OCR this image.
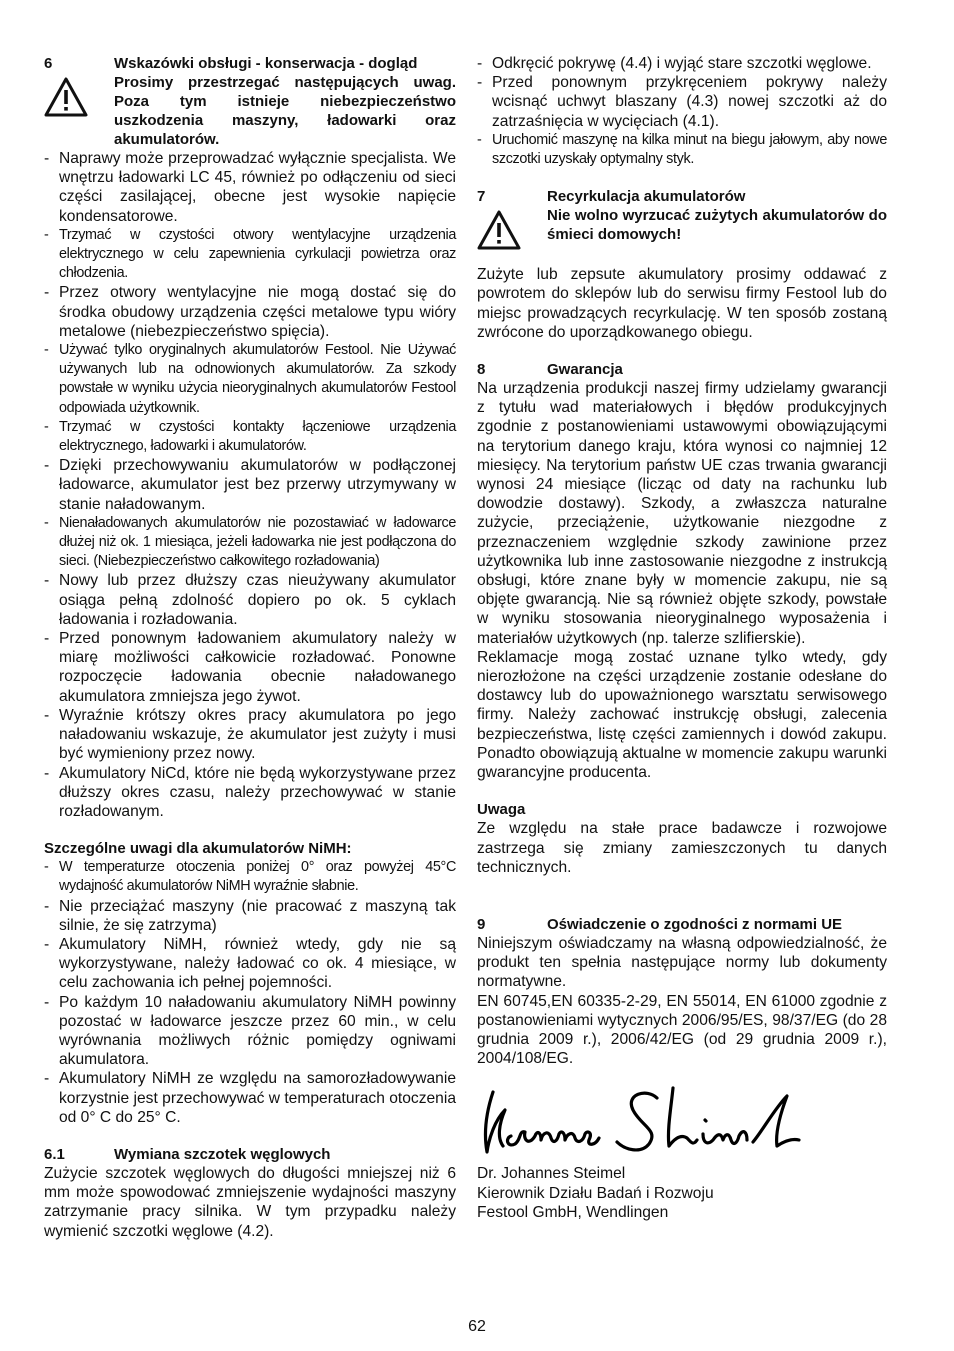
6	Wskazówki obsługi - konserwacja - dogląd
Prosimy przestrzegać następujących uwag. Poza tym istnieje niebezpieczeństwo uszkodzenia maszyny, ładowarki oraz akumulatorów.
- Naprawy może przeprowadzać wyłącznie specjalista. We wnętrzu ładowarki LC 45, również po odłączeniu od sieci części zasilającej, obecne jest wysokie napięcie kondensatorowe.
- Trzymać w czystości otwory wentylacyjne urządzenia elektrycznego w celu zapewnienia cyrkulacji powietrza oraz chłodzenia.
- Przez otwory wentylacyjne nie mogą dostać się do środka obudowy urządzenia części metalowe typu wióry metalowe (niebezpieczeństwo spięcia).
- Używać tylko oryginalnych akumulatorów Festool. Nie Używać używanych lub na odnowionych akumulatorów. Za szkody powstałe w wyniku użycia nieoryginalnych akumulatorów Festool odpowiada użytkownik.
- Trzymać w czystości kontakty łączeniowe urządzenia elektrycznego, ładowarki i akumulatorów.
- Dzięki przechowywaniu akumulatorów w podłączonej ładowarce, akumulator jest bez przerwy utrzymywany w stanie naładowanym.
- Nienaładowanych akumulatorów nie pozostawiać w ładowarce dłużej niż ok. 1 miesiąca, jeżeli ładowarka nie jest podłączona do sieci. (Niebezpieczeństwo całkowitego rozładowania)
- Nowy lub przez dłuższy czas nieużywany akumulator osiąga pełną zdolność dopiero po ok. 5 cyklach ładowania i rozładowania.
- Przed ponownym ładowaniem akumulatory należy w miarę możliwości całkowicie rozładować. Ponowne rozpoczęcie ładowania obecnie naładowanego akumulatora zmniejsza jego żywot.
- Wyraźnie krótszy okres pracy akumulatora po jego naładowaniu wskazuje, że akumulator jest zużyty i musi być wymieniony przez nowy.
- Akumulatory NiCd, które nie będą wykorzystywane przez dłuższy okres czasu, należy przechowywać w stanie rozładowanym.
Szczególne uwagi dla akumulatorów NiMH:
- W temperaturze otoczenia poniżej 0° oraz powyżej 45°C wydajność akumulatorów NiMH wyraźnie słabnie.
- Nie przeciążać maszyny (nie pracować z maszyną tak silnie, że się zatrzyma)
- Akumulatory NiMH, również wtedy, gdy nie są wykorzystywane, należy ładować co ok. 4 miesiące, w celu zachowania ich pełnej pojemności.
- Po każdym 10 naładowaniu akumulatory NiMH powinny pozostać w ładowarce jeszcze przez 60 min., w celu wyrównania możliwych różnic pomiędzy ogniwami akumulatora.
- Akumulatory NiMH ze względu na samorozładowywanie korzystnie jest przechowywać w temperaturach otoczenia od 0° C do 25° C.
6.1	Wymiana szczotek węglowych

Zużycie szczotek węglowych do długości mniejszej niż 6 mm może spowodować zmniejszenie wydajności maszyny zatrzymanie pracy silnika. W tym przypadku należy wymienić szczotki węglowe (4.2).

- Odkręcić pokrywę (4.4) i wyjąć stare szczotki węglowe.
- Przed ponownym przykręceniem pokrywy należy wcisnąć uchwyt blaszany (4.3) nowej szczotki aż do zatrzaśnięcia w wycięciach (4.1).
- Uruchomić maszynę na kilka minut na biegu jałowym, aby nowe szczotki uzyskały optymalny styk.
7	Recyrkulacja akumulatorów
Nie wolno wyrzucać zużytych akumulatorów do śmieci domowych!

Zużyte lub zepsute akumulatory prosimy oddawać z powrotem do sklepów lub do serwisu firmy Festool lub do miejsc prowadzących recyrkulację. W ten sposób zostaną zwrócone do uporządkowanego obiegu.

8	Gwarancja

Na urządzenia produkcji naszej firmy udzielamy gwarancji z tytułu wad materiałowych i błędów produkcyjnych zgodnie z postanowieniami ustawowymi obowiązującymi na terytorium danego kraju, która wynosi co najmniej 12 miesięcy. Na terytorium państw UE czas trwania gwarancji wynosi 24 miesiące (licząc od daty na rachunku lub dowodzie dostawy). Szkody, a zwłaszcza naturalne zużycie, przeciążenie, użytkowanie niezgodne z przeznaczeniem względnie szkody zawinione przez użytkownika lub inne zastosowanie niezgodne z instrukcją obsługi, które znane były w momencie zakupu, nie są objęte gwarancją. Nie są również objęte szkody, powstałe w wyniku stosowania nieoryginalnego wyposażenia i materiałów użytkowych (np. talerze szlifierskie).

Reklamacje mogą zostać uznane tylko wtedy, gdy nierozłożone na części urządzenie zostanie odesłane do dostawcy lub do upoważnionego warsztatu serwisowego firmy. Należy zachować instrukcję obsługi, zalecenia bezpieczeństwa, listę części zamiennych i dowód zakupu. Ponadto obowiązują aktualne w momencie zakupu warunki gwarancyjne producenta.

Uwaga

Ze względu na stałe prace badawcze i rozwojowe zastrzega się zmiany zamieszczonych tu danych technicznych.

9	Oświadczenie o zgodności z normami UE

Niniejszym oświadczamy na własną odpowiedzialność, że produkt ten spełnia następujące normy lub dokumenty normatywne.

EN 60745,EN 60335-2-29, EN 55014, EN 61000 zgodnie z postanowieniami wytycznych 2006/95/ES, 98/37/EG (do 28 grudnia 2009 r.), 2006/42/EG (od 29 grudnia 2009 r.), 2004/108/EG.

Dr. Johannes Steimel

Kierownik Działu Badań i Rozwoju

Festool GmbH, Wendlingen

62
